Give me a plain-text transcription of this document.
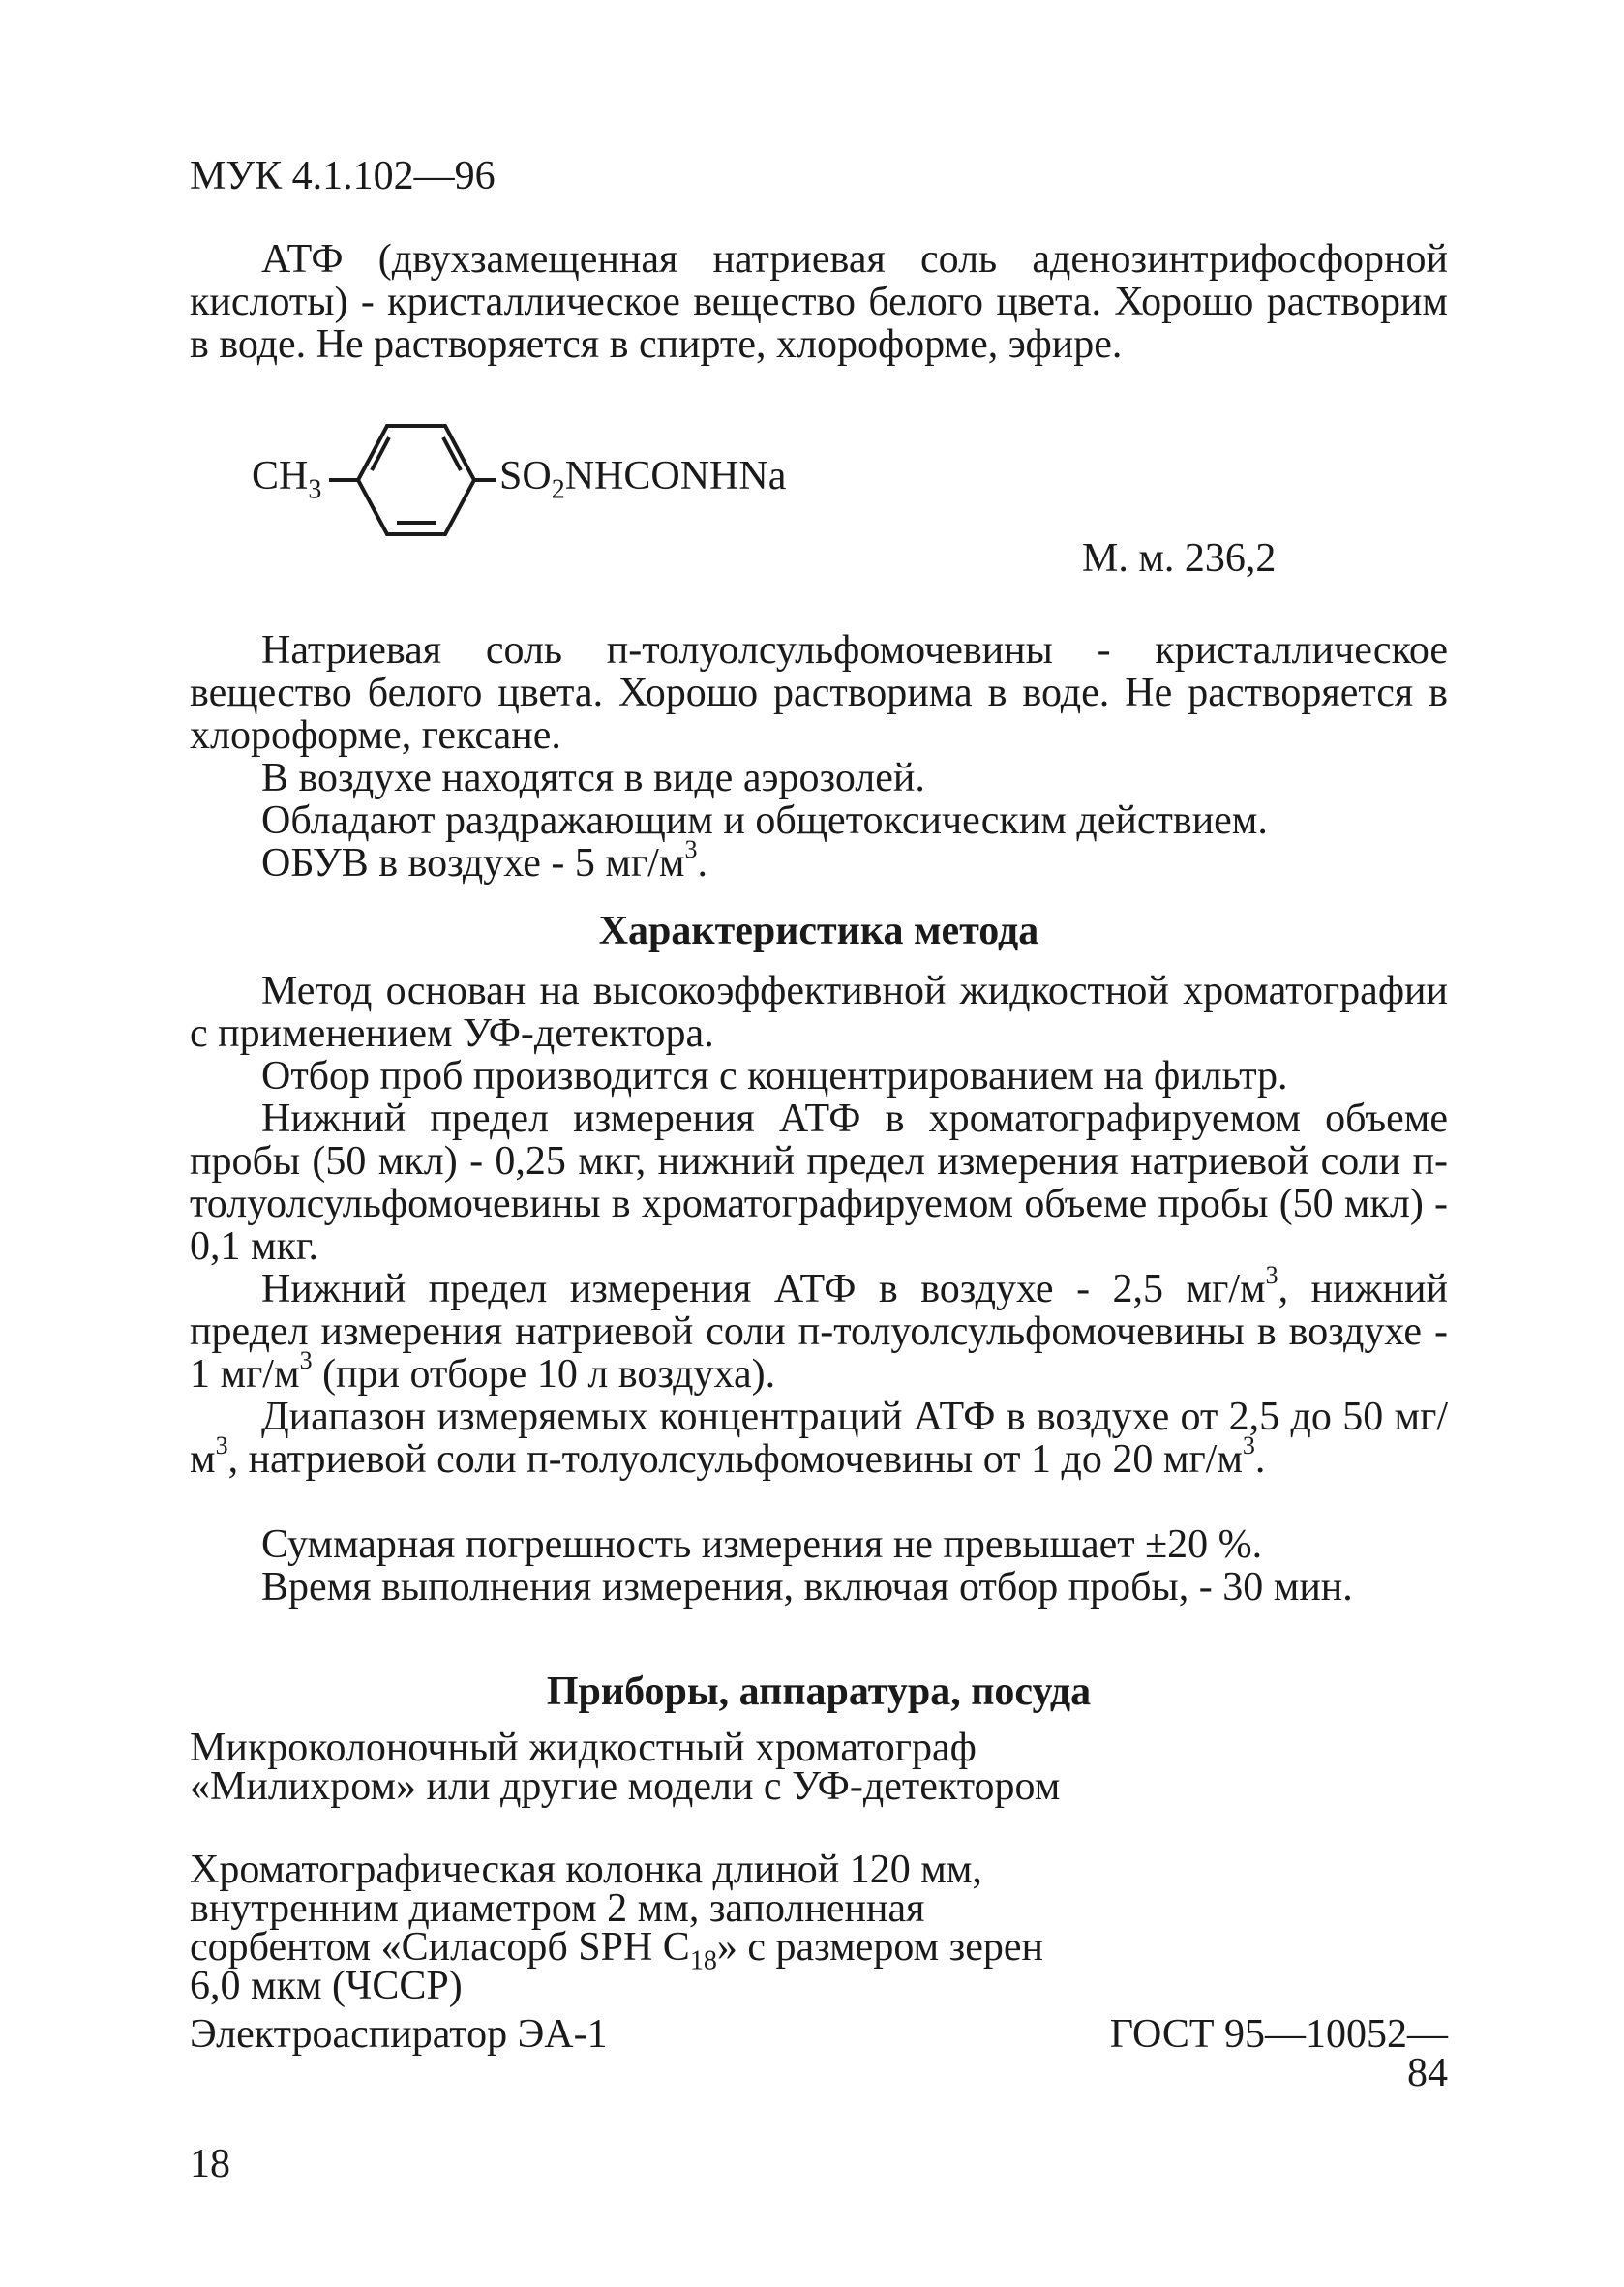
МУК 4.1.102—96
АТФ (двухзамещенная натриевая соль аденозинтрифосфорной кислоты) - кристаллическое вещество белого цвета. Хорошо растворим в воде. Не растворяется в спирте, хлороформе, эфире.
$CH_3$	$SO_2NHCONHNa$
М. м. 236,2
Натриевая соль п-толуолсульфомочевины - кристаллическое вещество белого цвета. Хорошо растворима в воде. Не растворяется в хлороформе, гексане.
В воздухе находятся в виде аэрозолей.
Обладают раздражающим и общетоксическим действием.
ОБУВ в воздухе - 5 $мг/м^3$.
Характеристика метода
Метод основан на высокоэффективной жидкостной хроматографии с применением УФ-детектора.
Отбор проб производится с концентрированием на фильтр.
Нижний предел измерения АТФ в хроматографируемом объеме пробы (50 мкл) - 0,25 мкг, нижний предел измерения натриевой соли п-толуолсульфомочевины в хроматографируемом объеме пробы (50 мкл) - 0,1 мкг.
Нижний предел измерения АТФ в воздухе - 2,5 $мг/м^3$, нижний предел измерения натриевой соли п-толуолсульфомочевины в воздухе - 1 $мг/м^3$ (при отборе 10 л воздуха).
Диапазон измеряемых концентраций АТФ в воздухе от 2,5 до 50 $мг/м^3$, натриевой соли п-толуолсульфомочевины от 1 до 20 $мг/м^3$.
Суммарная погрешность измерения не превышает ±20 %.
Время выполнения измерения, включая отбор пробы, - 30 мин.
Приборы, аппаратура, посуда
Микроколоночный жидкостный хроматограф «Милихром» или другие модели с УФ-детектором
Хроматографическая колонка длиной 120 мм, внутренним диаметром 2 мм, заполненная сорбентом «Силасорб SPH $C_{18}$» с размером зерен 6,0 мкм (ЧССР)
Электроаспиратор ЭА-1	ГОСТ 95—10052—84
18
